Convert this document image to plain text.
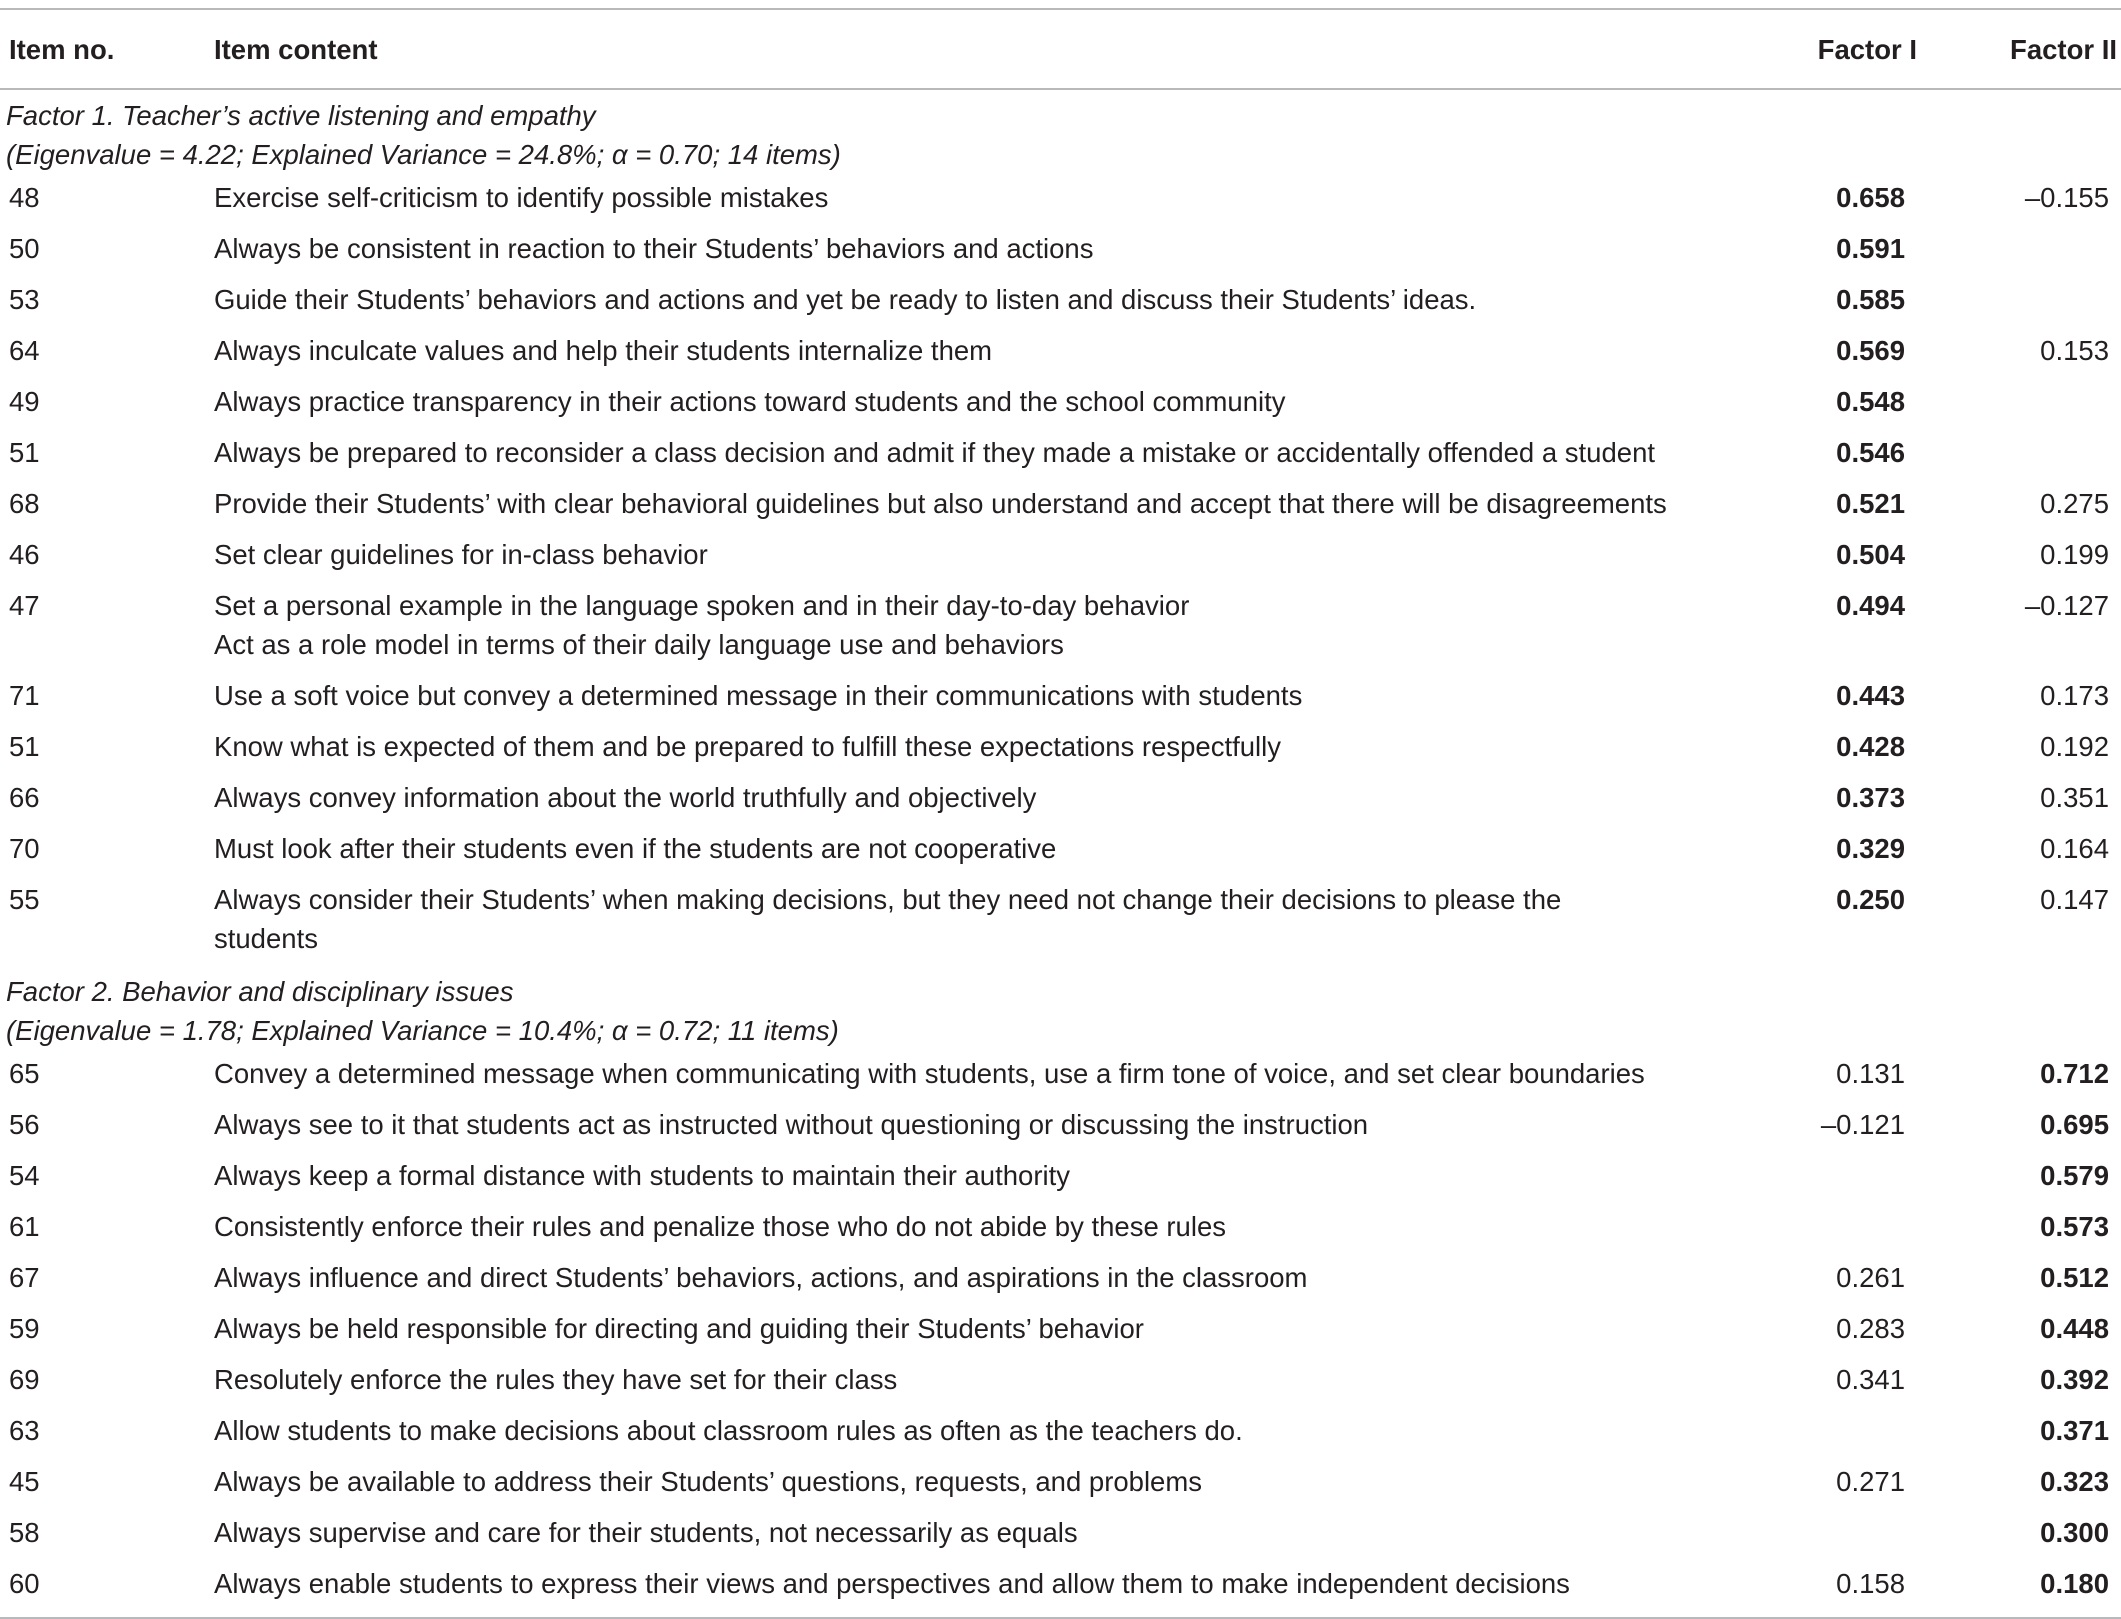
Item no.	Item content	Factor I	Factor II

Factor 1. Teacher’s active listening and empathy
(Eigenvalue = 4.22; Explained Variance = 24.8%; α = 0.70; 14 items)			

48	Exercise self-criticism to identify possible mistakes	0.658	–0.155
50	Always be consistent in reaction to their Students’ behaviors and actions	0.591	
53	Guide their Students’ behaviors and actions and yet be ready to listen and discuss their Students’ ideas.	0.585	
64	Always inculcate values and help their students internalize them	0.569	0.153
49	Always practice transparency in their actions toward students and the school community	0.548	
51	Always be prepared to reconsider a class decision and admit if they made a mistake or accidentally offended a student	0.546	
68	Provide their Students’ with clear behavioral guidelines but also understand and accept that there will be disagreements	0.521	0.275
46	Set clear guidelines for in-class behavior	0.504	0.199
47	Set a personal example in the language spoken and in their day-to-day behavior
Act as a role model in terms of their daily language use and behaviors	0.494	–0.127
71	Use a soft voice but convey a determined message in their communications with students	0.443	0.173
51	Know what is expected of them and be prepared to fulfill these expectations respectfully	0.428	0.192
66	Always convey information about the world truthfully and objectively	0.373	0.351
70	Must look after their students even if the students are not cooperative	0.329	0.164
55	Always consider their Students’ when making decisions, but they need not change their decisions to please the
students	0.250	0.147

Factor 2. Behavior and disciplinary issues
(Eigenvalue = 1.78; Explained Variance = 10.4%; α = 0.72; 11 items)			

65	Convey a determined message when communicating with students, use a firm tone of voice, and set clear boundaries	0.131	0.712
56	Always see to it that students act as instructed without questioning or discussing the instruction	–0.121	0.695
54	Always keep a formal distance with students to maintain their authority		0.579
61	Consistently enforce their rules and penalize those who do not abide by these rules		0.573
67	Always influence and direct Students’ behaviors, actions, and aspirations in the classroom	0.261	0.512
59	Always be held responsible for directing and guiding their Students’ behavior	0.283	0.448
69	Resolutely enforce the rules they have set for their class	0.341	0.392
63	Allow students to make decisions about classroom rules as often as the teachers do.		0.371
45	Always be available to address their Students’ questions, requests, and problems	0.271	0.323
58	Always supervise and care for their students, not necessarily as equals		0.300
60	Always enable students to express their views and perspectives and allow them to make independent decisions	0.158	0.180
